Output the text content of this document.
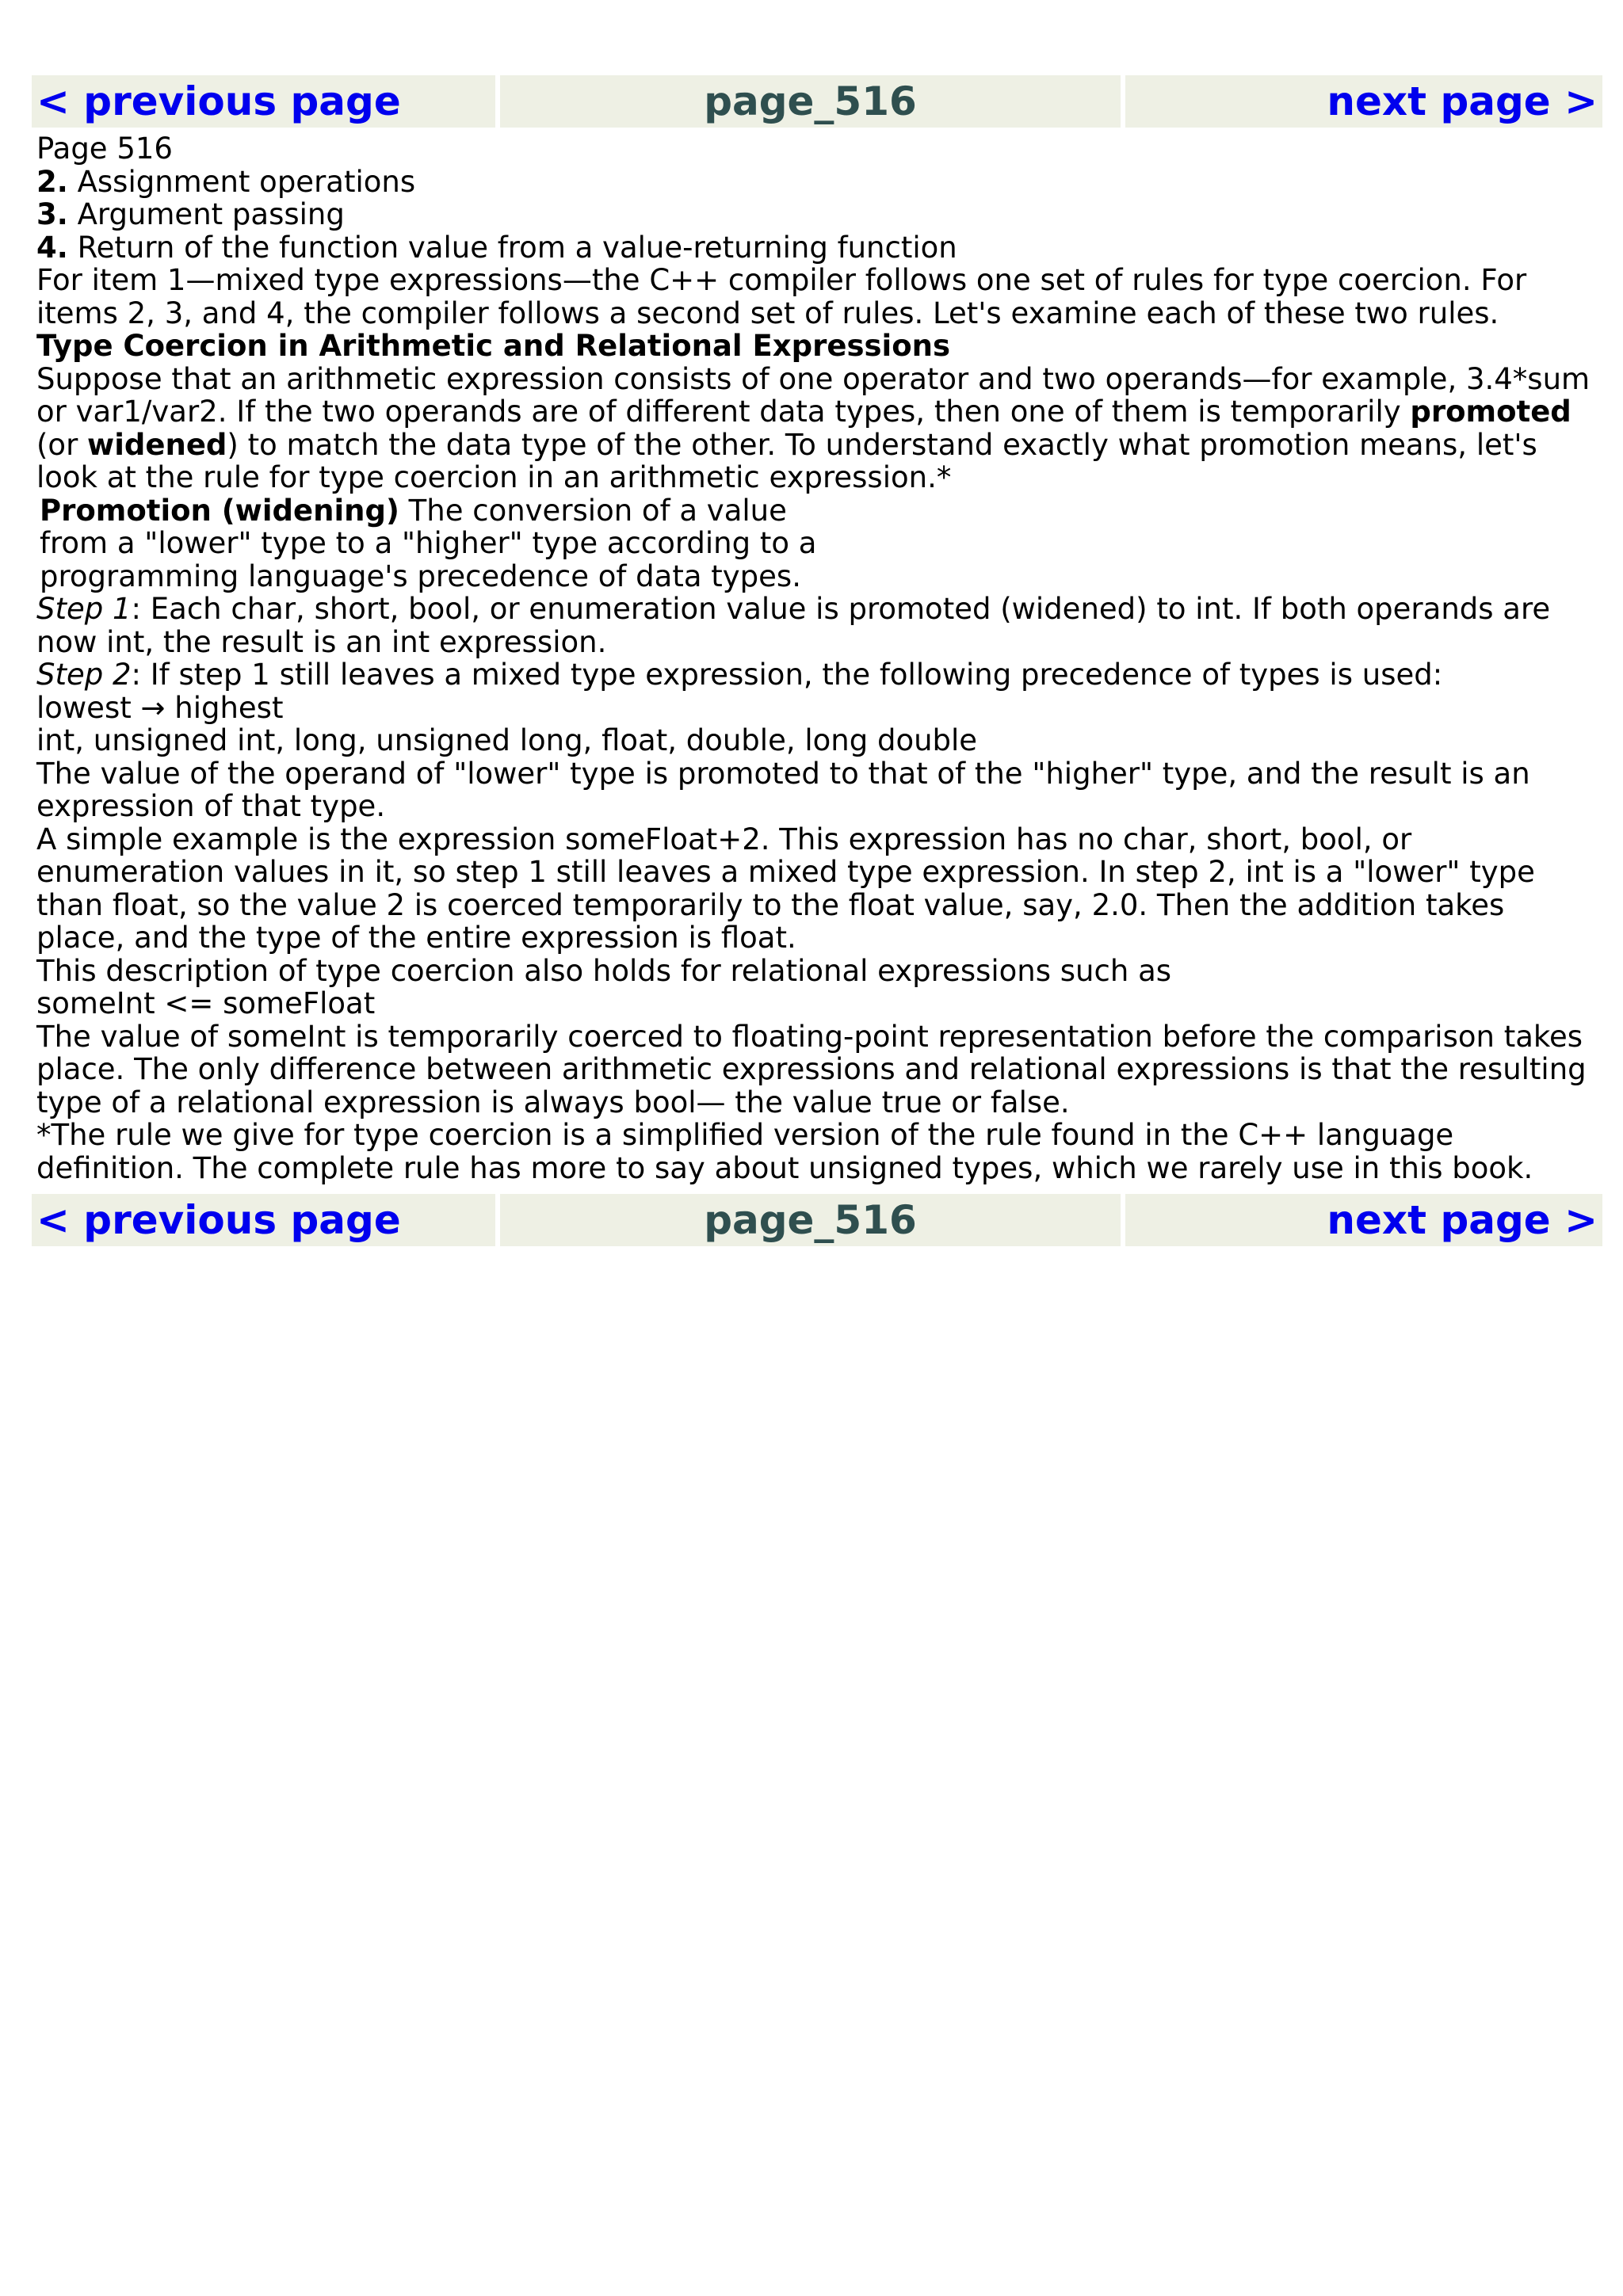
< previous page	page_516	next page >

Page 516

2. Assignment operations

3. Argument passing

4. Return of the function value from a value-returning function

For item 1—mixed type expressions—the C++ compiler follows one set of rules for type coercion. For items 2, 3, and 4, the compiler follows a second set of rules. Let's examine each of these two rules.

Type Coercion in Arithmetic and Relational Expressions

Suppose that an arithmetic expression consists of one operator and two operands—for example, 3.4*sum or var1/var2. If the two operands are of different data types, then one of them is temporarily promoted (or widened) to match the data type of the other. To understand exactly what promotion means, let's look at the rule for type coercion in an arithmetic expression.*

Promotion (widening) The conversion of a value from a "lower" type to a "higher" type according to a programming language's precedence of data types.

Step 1: Each char, short, bool, or enumeration value is promoted (widened) to int. If both operands are now int, the result is an int expression.

Step 2: If step 1 still leaves a mixed type expression, the following precedence of types is used:

lowest → highest

int, unsigned int, long, unsigned long, float, double, long double

The value of the operand of "lower" type is promoted to that of the "higher" type, and the result is an expression of that type.

A simple example is the expression someFloat+2. This expression has no char, short, bool, or enumeration values in it, so step 1 still leaves a mixed type expression. In step 2, int is a "lower" type than float, so the value 2 is coerced temporarily to the float value, say, 2.0. Then the addition takes place, and the type of the entire expression is float.

This description of type coercion also holds for relational expressions such as

someInt <= someFloat

The value of someInt is temporarily coerced to floating-point representation before the comparison takes place. The only difference between arithmetic expressions and relational expressions is that the resulting type of a relational expression is always bool— the value true or false.

*The rule we give for type coercion is a simplified version of the rule found in the C++ language definition. The complete rule has more to say about unsigned types, which we rarely use in this book.

< previous page	page_516	next page >
